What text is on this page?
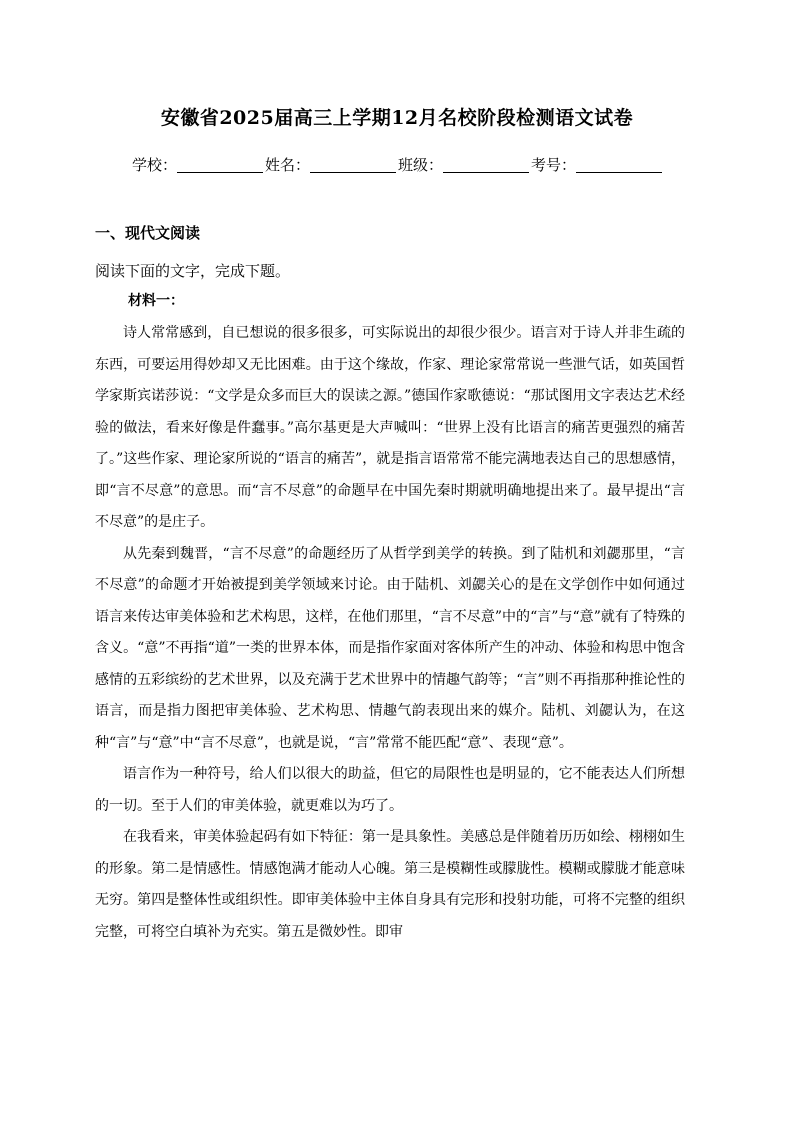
安徽省2025届高三上学期12月名校阶段检测语文试卷
学校：	姓名：	班级：	考号：
一、现代文阅读
阅读下面的文字，完成下题。
材料一：

诗人常常感到，自已想说的很多很多，可实际说出的却很少很少。语言对于诗人并非生疏的东西，可要运用得妙却又无比困难。由于这个缘故，作家、理论家常常说一些泄气话，如英国哲学家斯宾诺莎说：“文学是众多而巨大的误读之源。”德国作家歌德说：“那试图用文字表达艺术经验的做法，看来好像是件蠢事。”高尔基更是大声喊叫：“世界上没有比语言的痛苦更强烈的痛苦了。”这些作家、理论家所说的“语言的痛苦”，就是指言语常常不能完满地表达自己的思想感情，即“言不尽意”的意思。而“言不尽意”的命题早在中国先秦时期就明确地提出来了。最早提出“言不尽意”的是庄子。

从先秦到魏晋，“言不尽意”的命题经历了从哲学到美学的转换。到了陆机和刘勰那里，“言不尽意”的命题才开始被提到美学领域来讨论。由于陆机、刘勰关心的是在文学创作中如何通过语言来传达审美体验和艺术构思，这样，在他们那里，“言不尽意”中的“言”与“意”就有了特殊的含义。“意”不再指“道”一类的世界本体，而是指作家面对客体所产生的冲动、体验和构思中饱含感情的五彩缤纷的艺术世界，以及充满于艺术世界中的情趣气韵等；“言”则不再指那种推论性的语言，而是指力图把审美体验、艺术构思、情趣气韵表现出来的媒介。陆机、刘勰认为，在这种“言”与“意”中“言不尽意”，也就是说，“言”常常不能匹配“意”、表现“意”。

语言作为一种符号，给人们以很大的助益，但它的局限性也是明显的，它不能表达人们所想的一切。至于人们的审美体验，就更难以为巧了。

在我看来，审美体验起码有如下特征：第一是具象性。美感总是伴随着历历如绘、栩栩如生的形象。第二是情感性。情感饱满才能动人心魄。第三是模糊性或朦胧性。模糊或朦胧才能意味无穷。第四是整体性或组织性。即审美体验中主体自身具有完形和投射功能，可将不完整的组织完整，可将空白填补为充实。第五是微妙性。即审
